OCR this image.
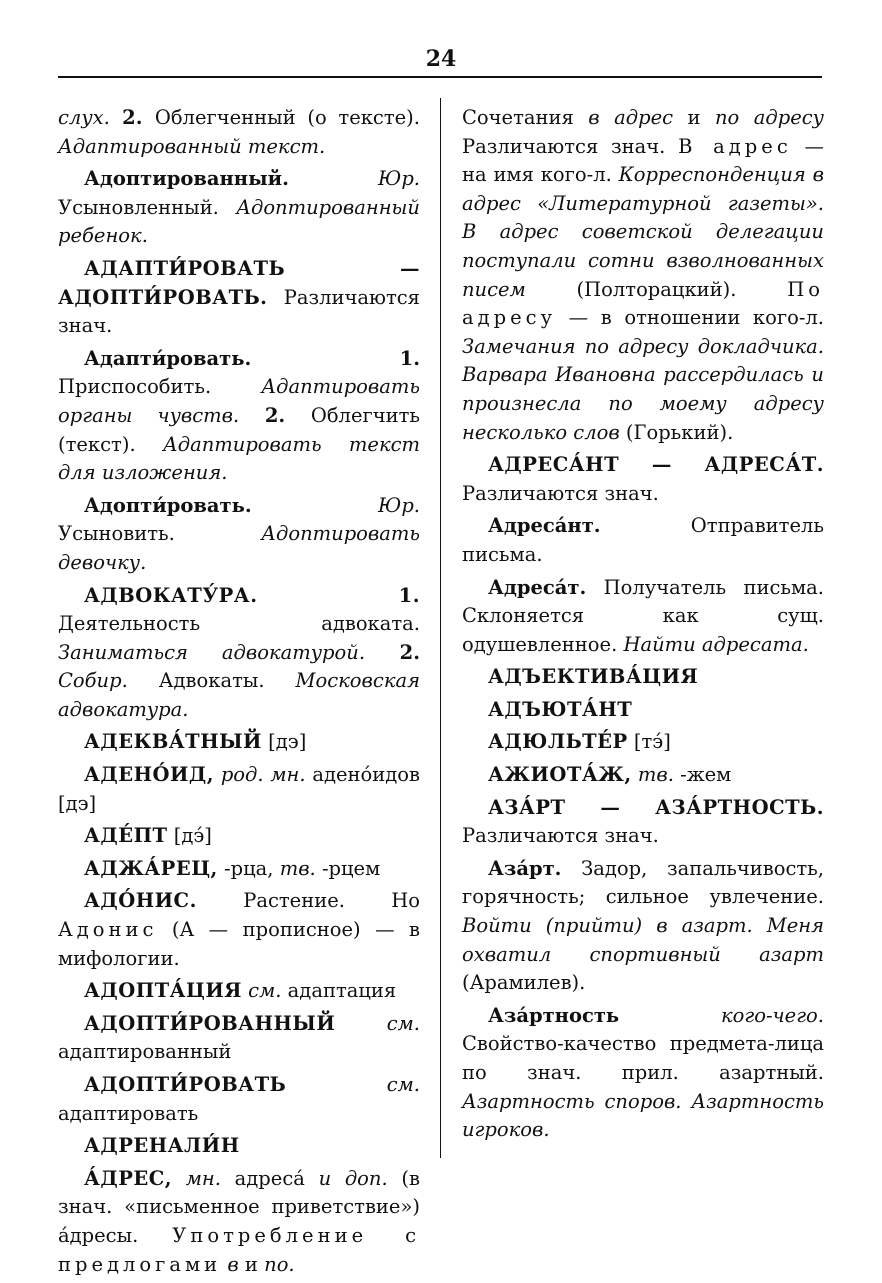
24

слух. 2. Облегченный (о тексте). Адаптированный текст.

Адоптированный. Юр. Усыновленный. Адоптированный ребенок.

АДАПТИ́РОВАТЬ — АДОПТИ́РОВАТЬ. Различаются знач.

Адапти́ровать. 1. Приспособить. Адаптировать органы чувств. 2. Облегчить (текст). Адаптировать текст для изложения.

Адопти́ровать. Юр. Усыновить. Адоптировать девочку.

АДВОКАТУ́РА. 1. Деятельность адвоката. Заниматься адвокатурой. 2. Собир. Адвокаты. Московская адвокатура.

АДЕКВА́ТНЫЙ [дэ]

АДЕНО́ИД, род. мн. адено́идов [дэ]

АДЕ́ПТ [дэ́]

АДЖА́РЕЦ, -рца, тв. -рцем

АДО́НИС. Растение. Но Адонис (А — прописное) — в мифологии.

АДОПТА́ЦИЯ см. адаптация

АДОПТИ́РОВАННЫЙ см. адаптированный

АДОПТИ́РОВАТЬ см. адаптировать

АДРЕНАЛИ́Н

А́ДРЕС, мн. адреса́ и доп. (в знач. «письменное приветствие») а́дресы. Употребление с предлогами в и по.

Сочетания в адрес и по адресу Различаются знач. В адрес — на имя кого-л. Корреспонденция в адрес «Литературной газеты». В адрес советской делегации поступали сотни взволнованных писем (Полторацкий). По адресу — в отношении кого-л. Замечания по адресу докладчика. Варвара Ивановна рассердилась и произнесла по моему адресу несколько слов (Горький).

АДРЕСА́НТ — АДРЕСА́Т. Различаются знач.

Адреса́нт. Отправитель письма.

Адреса́т. Получатель письма. Склоняется как сущ. одушевленное. Найти адресата.

АДЪЕКТИВА́ЦИЯ

АДЪЮТА́НТ

АДЮЛЬТЕ́Р [тэ́]

АЖИОТА́Ж, тв. -жем

АЗА́РТ — АЗА́РТНОСТЬ. Различаются знач.

Аза́рт. Задор, запальчивость, горячность; сильное увлечение. Войти (прийти) в азарт. Меня охватил спортивный азарт (Арамилев).

Аза́ртность кого-чего. Свойство-качество предмета-лица по знач. прил. азартный. Азартность споров. Азартность игроков.
